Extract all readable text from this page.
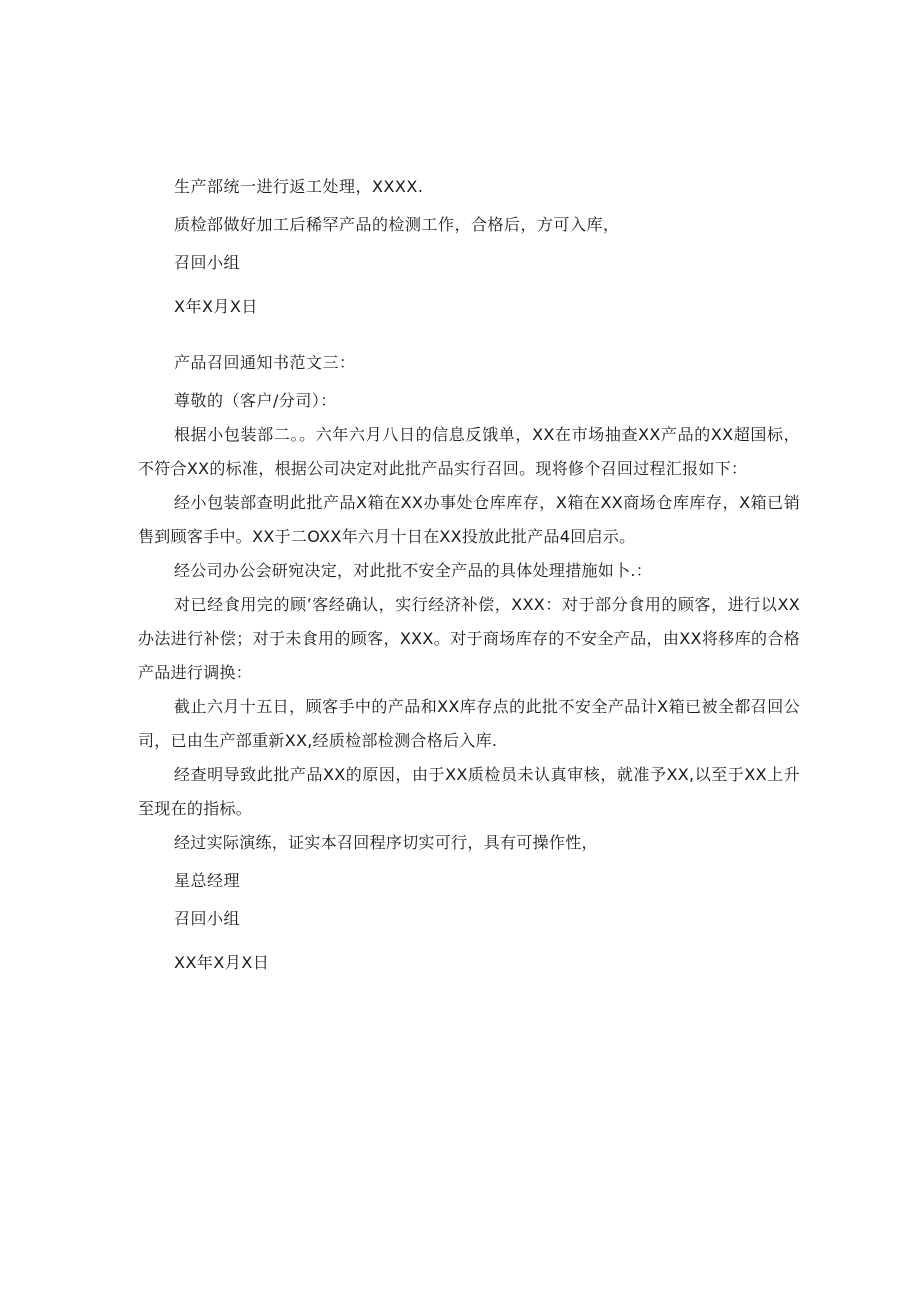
生产部统一进行返工处理，XXXX.

质检部做好加工后稀罕产品的检测工作，合格后，方可入库，

召回小组

X年X月X日

产品召回通知书范文三：

尊敬的（客户/分司）：

根据小包装部二。。六年六月八日的信息反饿单，XX在市场抽查XX产品的XX超国标，不符合XX的标准，根据公司决定对此批产品实行召回。现将修个召回过程汇报如下：

经小包装部查明此批产品X箱在XX办事处仓库库存，X箱在XX商场仓库库存，X箱已销售到顾客手中。XX于二OXX年六月十日在XX投放此批产品4回启示。

经公司办公会研宛决定，对此批不安全产品的具体处理措施如卜.：

对已经食用完的顾’客经确认，实行经济补偿，XXX：对于部分食用的顾客，进行以XX办法进行补偿；对于未食用的顾客，XXX。对于商场库存的不安全产品，由XX将移库的合格产品进行调换：

截止六月十五日，顾客手中的产品和XX库存点的此批不安全产品计X箱已被全都召回公司，已由生产部重新XX,经质检部检测合格后入库.

经查明导致此批产品XX的原因，由于XX质检员未认真审核，就准予XX,以至于XX上升至现在的指标。

经过实际演练，证实本召回程序切实可行，具有可操作性，

星总经理

召回小组

XX年X月X日
